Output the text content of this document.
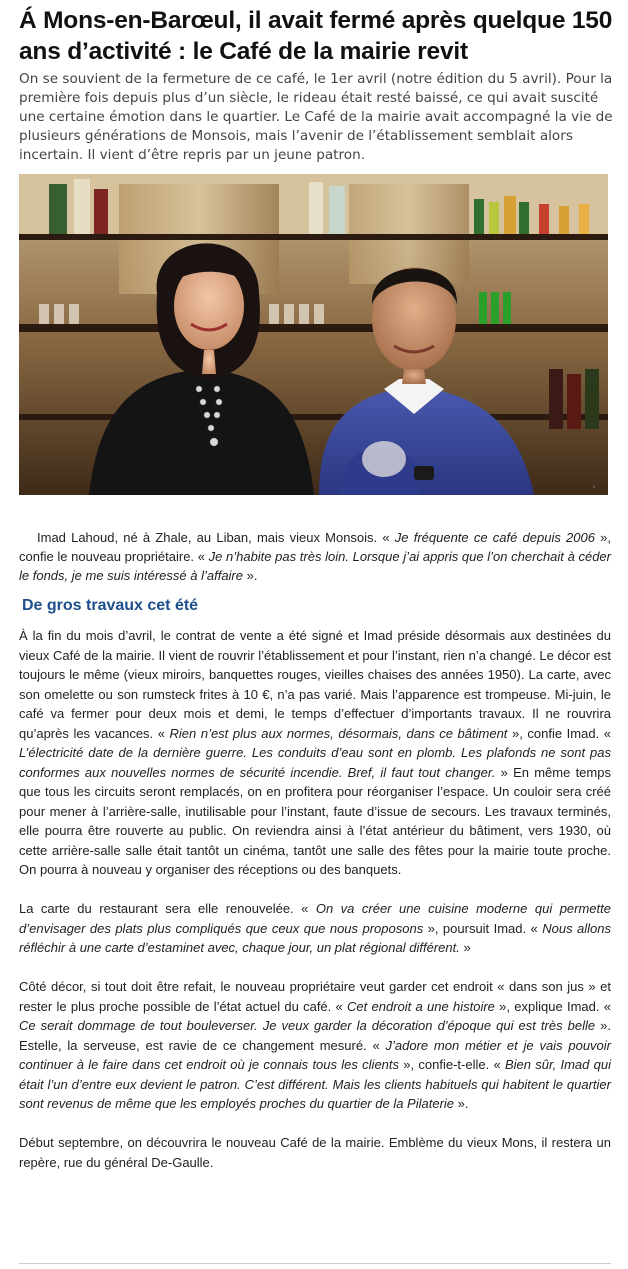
Á Mons-en-Barœul, il avait fermé après quelque 150 ans d’activité : le Café de la mairie revit

On se souvient de la fermeture de ce café, le 1er avril (notre édition du 5 avril). Pour la première fois depuis plus d’un siècle, le rideau était resté baissé, ce qui avait suscité une certaine émotion dans le quartier. Le Café de la mairie avait accompagné la vie de plusieurs générations de Monsois, mais l’avenir de l’établissement semblait alors incertain. Il vient d’être repris par un jeune patron.

·

Imad Lahoud, né à Zhale, au Liban, mais vieux Monsois. « Je fréquente ce café depuis 2006 », confie le nouveau propriétaire. « Je n’habite pas très loin. Lorsque j’ai appris que l’on cherchait à céder le fonds, je me suis intéressé à l’affaire ».

De gros travaux cet été

À la fin du mois d’avril, le contrat de vente a été signé et Imad préside désormais aux destinées du vieux Café de la mairie. Il vient de rouvrir l’établissement et pour l’instant, rien n’a changé. Le décor est toujours le même (vieux miroirs, banquettes rouges, vieilles chaises des années 1950). La carte, avec son omelette ou son rumsteck frites à 10 €, n’a pas varié. Mais l’apparence est trompeuse. Mi-juin, le café va fermer pour deux mois et demi, le temps d’effectuer d’importants travaux. Il ne rouvrira qu’après les vacances. « Rien n’est plus aux normes, désormais, dans ce bâtiment », confie Imad. « L’électricité date de la dernière guerre. Les conduits d’eau sont en plomb. Les plafonds ne sont pas conformes aux nouvelles normes de sécurité incendie. Bref, il faut tout changer. » En même temps que tous les circuits seront remplacés, on en profitera pour réorganiser l’espace. Un couloir sera créé pour mener à l’arrière-salle, inutilisable pour l’instant, faute d’issue de secours. Les travaux terminés, elle pourra être rouverte au public. On reviendra ainsi à l’état antérieur du bâtiment, vers 1930, où cette arrière-salle salle était tantôt un cinéma, tantôt une salle des fêtes pour la mairie toute proche. On pourra à nouveau y organiser des réceptions ou des banquets.

La carte du restaurant sera elle renouvelée. « On va créer une cuisine moderne qui permette d’envisager des plats plus compliqués que ceux que nous proposons », poursuit Imad. « Nous allons réfléchir à une carte d’estaminet avec, chaque jour, un plat régional différent. »

Côté décor, si tout doit être refait, le nouveau propriétaire veut garder cet endroit « dans son jus » et rester le plus proche possible de l’état actuel du café. « Cet endroit a une histoire », explique Imad. « Ce serait dommage de tout bouleverser. Je veux garder la décoration d’époque qui est très belle ». Estelle, la serveuse, est ravie de ce changement mesuré. « J’adore mon métier et je vais pouvoir continuer à le faire dans cet endroit où je connais tous les clients », confie-t-elle. « Bien sûr, Imad qui était l’un d’entre eux devient le patron. C’est différent. Mais les clients habituels qui habitent le quartier sont revenus de même que les employés proches du quartier de la Pilaterie ».

Début septembre, on découvrira le nouveau Café de la mairie. Emblème du vieux Mons, il restera un repère, rue du général De-Gaulle.
